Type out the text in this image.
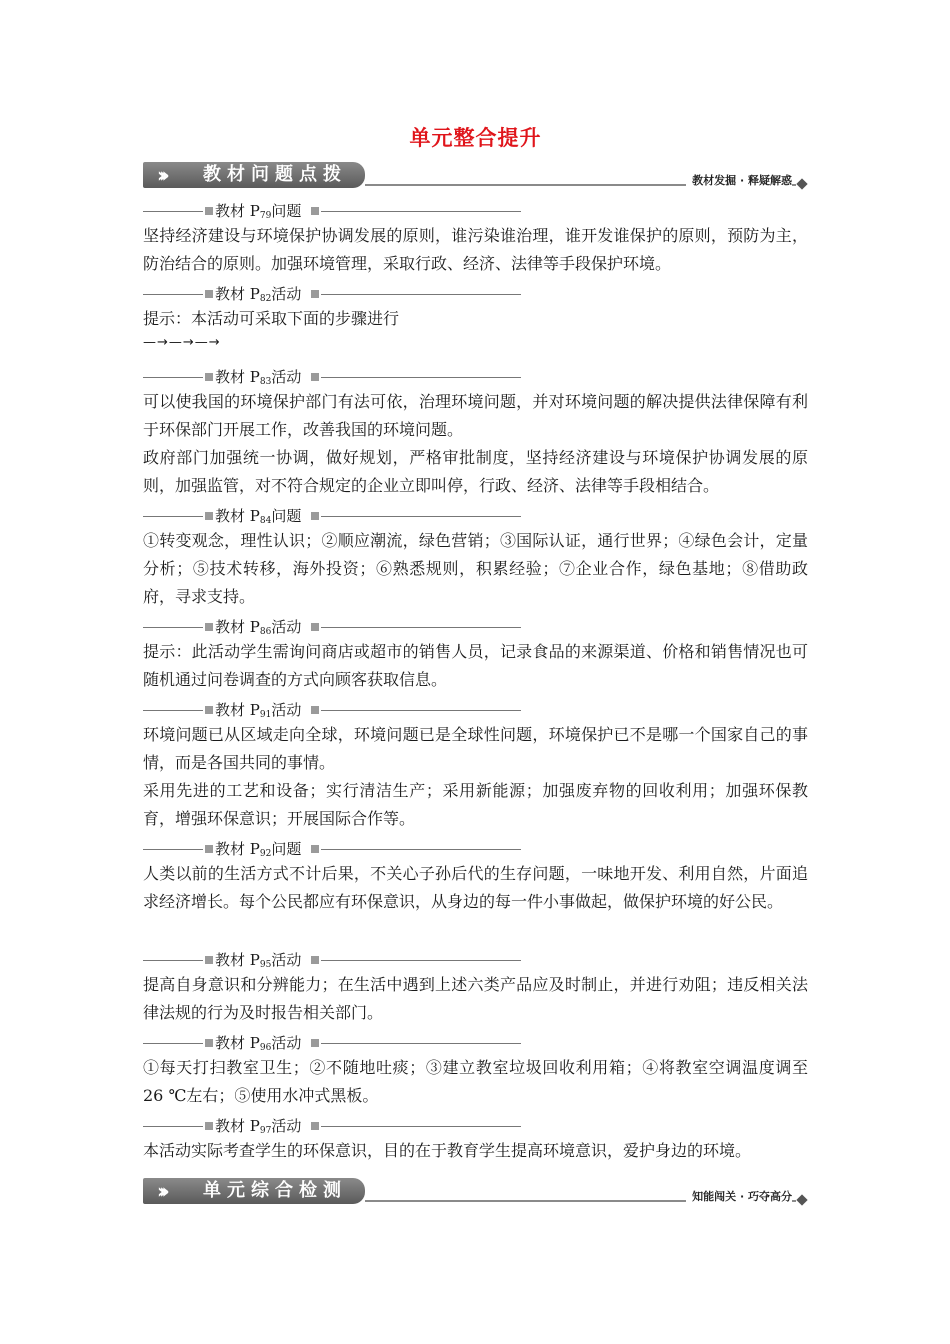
单元整合提升
››› 教材问题点拨	教材发掘 · 释疑解惑
教材 $P_{79}$问题

坚持经济建设与环境保护协调发展的原则，谁污染谁治理，谁开发谁保护的原则，预防为主，防治结合的原则。加强环境管理，采取行政、经济、法律等手段保护环境。

教材 $P_{82}$活动

提示：本活动可采取下面的步骤进行

—→—→—→
教材 $P_{83}$活动

可以使我国的环境保护部门有法可依，治理环境问题，并对环境问题的解决提供法律保障有利于环保部门开展工作，改善我国的环境问题。

政府部门加强统一协调，做好规划，严格审批制度，坚持经济建设与环境保护协调发展的原则，加强监管，对不符合规定的企业立即叫停，行政、经济、法律等手段相结合。

教材 $P_{84}$问题

①转变观念，理性认识；②顺应潮流，绿色营销；③国际认证，通行世界；④绿色会计，定量分析；⑤技术转移，海外投资；⑥熟悉规则，积累经验；⑦企业合作，绿色基地；⑧借助政府，寻求支持。

教材 $P_{86}$活动

提示：此活动学生需询问商店或超市的销售人员，记录食品的来源渠道、价格和销售情况也可随机通过问卷调查的方式向顾客获取信息。

教材 $P_{91}$活动

环境问题已从区域走向全球，环境问题已是全球性问题，环境保护已不是哪一个国家自己的事情，而是各国共同的事情。

采用先进的工艺和设备；实行清洁生产；采用新能源；加强废弃物的回收利用；加强环保教育，增强环保意识；开展国际合作等。

教材 $P_{92}$问题

人类以前的生活方式不计后果，不关心子孙后代的生存问题，一味地开发、利用自然，片面追求经济增长。每个公民都应有环保意识，从身边的每一件小事做起，做保护环境的好公民。

教材 $P_{95}$活动

提高自身意识和分辨能力；在生活中遇到上述六类产品应及时制止，并进行劝阻；违反相关法律法规的行为及时报告相关部门。

教材 $P_{96}$活动

①每天打扫教室卫生；②不随地吐痰；③建立教室垃圾回收利用箱；④将教室空调温度调至 26 ℃左右；⑤使用水冲式黑板。

教材 $P_{97}$活动

本活动实际考查学生的环保意识，目的在于教育学生提高环境意识，爱护身边的环境。

››› 单元综合检测	知能闯关 · 巧夺高分
